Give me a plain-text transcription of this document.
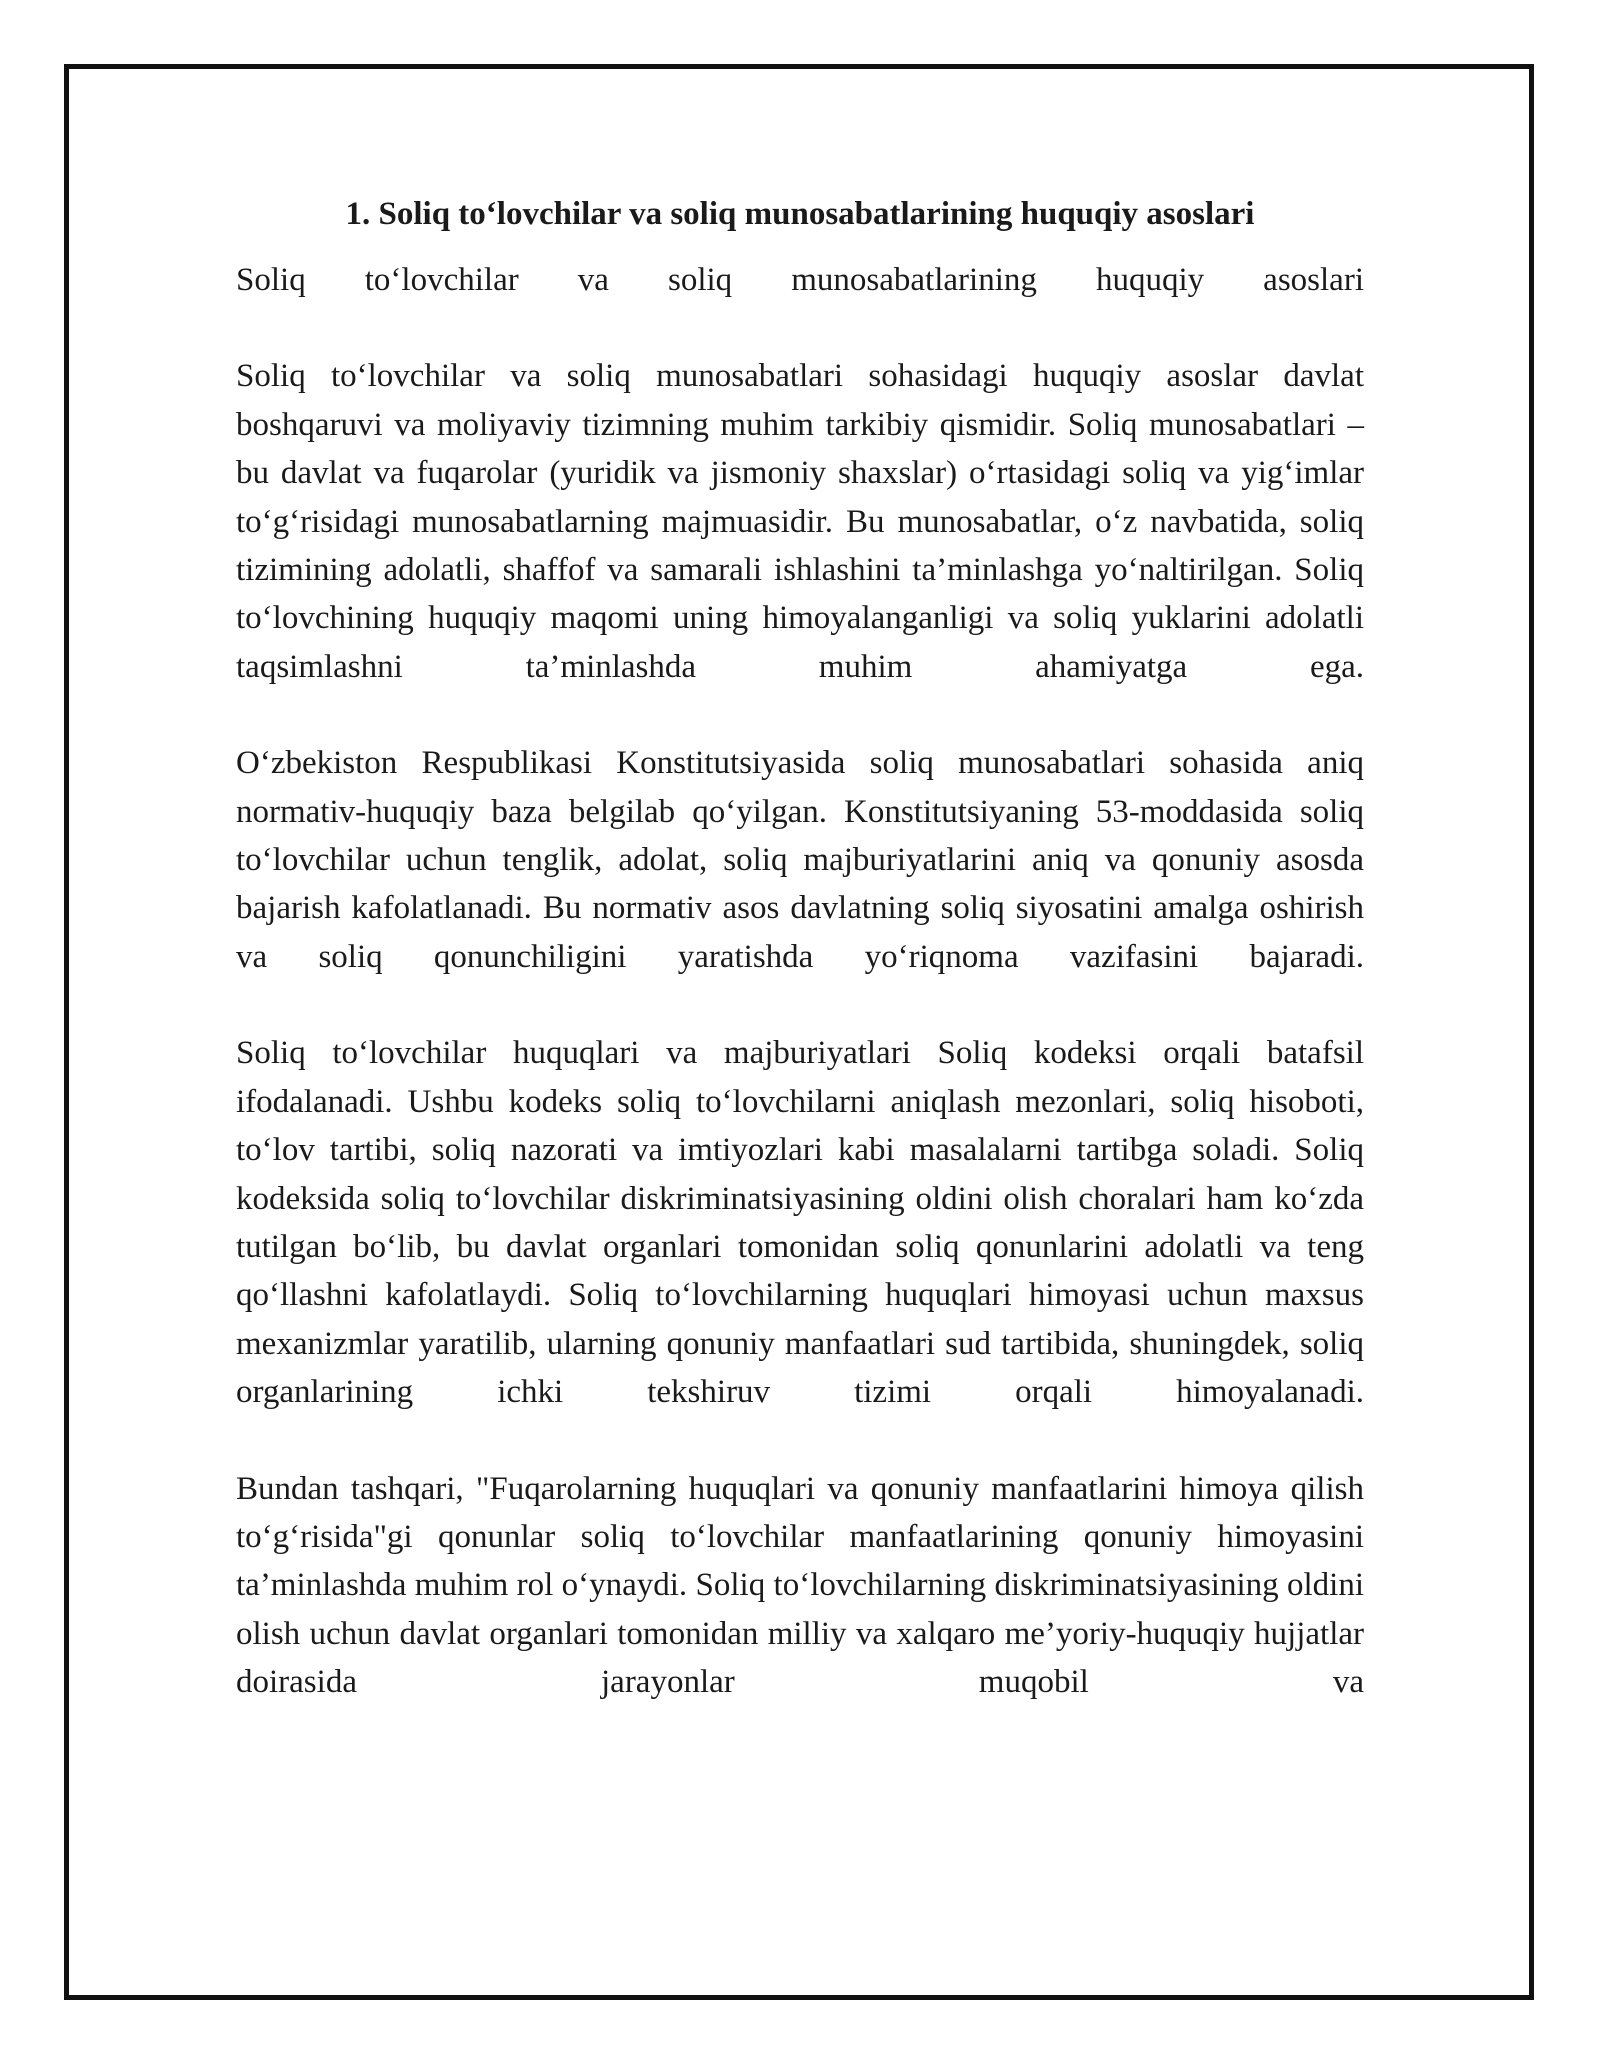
1. Soliq to‘lovchilar va soliq munosabatlarining huquqiy asoslari

Soliq to‘lovchilar va soliq munosabatlarining huquqiy asoslari

Soliq to‘lovchilar va soliq munosabatlari sohasidagi huquqiy asoslar davlat boshqaruvi va moliyaviy tizimning muhim tarkibiy qismidir. Soliq munosabatlari – bu davlat va fuqarolar (yuridik va jismoniy shaxslar) o‘rtasidagi soliq va yig‘imlar to‘g‘risidagi munosabatlarning majmuasidir. Bu munosabatlar, o‘z navbatida, soliq tizimining adolatli, shaffof va samarali ishlashini ta’minlashga yo‘naltirilgan. Soliq to‘lovchining huquqiy maqomi uning himoyalanganligi va soliq yuklarini adolatli taqsimlashni ta’minlashda muhim ahamiyatga ega.

O‘zbekiston Respublikasi Konstitutsiyasida soliq munosabatlari sohasida aniq normativ-huquqiy baza belgilab qo‘yilgan. Konstitutsiyaning 53-moddasida soliq to‘lovchilar uchun tenglik, adolat, soliq majburiyatlarini aniq va qonuniy asosda bajarish kafolatlanadi. Bu normativ asos davlatning soliq siyosatini amalga oshirish va soliq qonunchiligini yaratishda yo‘riqnoma vazifasini bajaradi.

Soliq to‘lovchilar huquqlari va majburiyatlari Soliq kodeksi orqali batafsil ifodalanadi. Ushbu kodeks soliq to‘lovchilarni aniqlash mezonlari, soliq hisoboti, to‘lov tartibi, soliq nazorati va imtiyozlari kabi masalalarni tartibga soladi. Soliq kodeksida soliq to‘lovchilar diskriminatsiyasining oldini olish choralari ham ko‘zda tutilgan bo‘lib, bu davlat organlari tomonidan soliq qonunlarini adolatli va teng qo‘llashni kafolatlaydi. Soliq to‘lovchilarning huquqlari himoyasi uchun maxsus mexanizmlar yaratilib, ularning qonuniy manfaatlari sud tartibida, shuningdek, soliq organlarining ichki tekshiruv tizimi orqali himoyalanadi.

Bundan tashqari, "Fuqarolarning huquqlari va qonuniy manfaatlarini himoya qilish to‘g‘risida"gi qonunlar soliq to‘lovchilar manfaatlarining qonuniy himoyasini ta’minlashda muhim rol o‘ynaydi. Soliq to‘lovchilarning diskriminatsiyasining oldini olish uchun davlat organlari tomonidan milliy va xalqaro me’yoriy-huquqiy hujjatlar doirasida jarayonlar muqobil va
